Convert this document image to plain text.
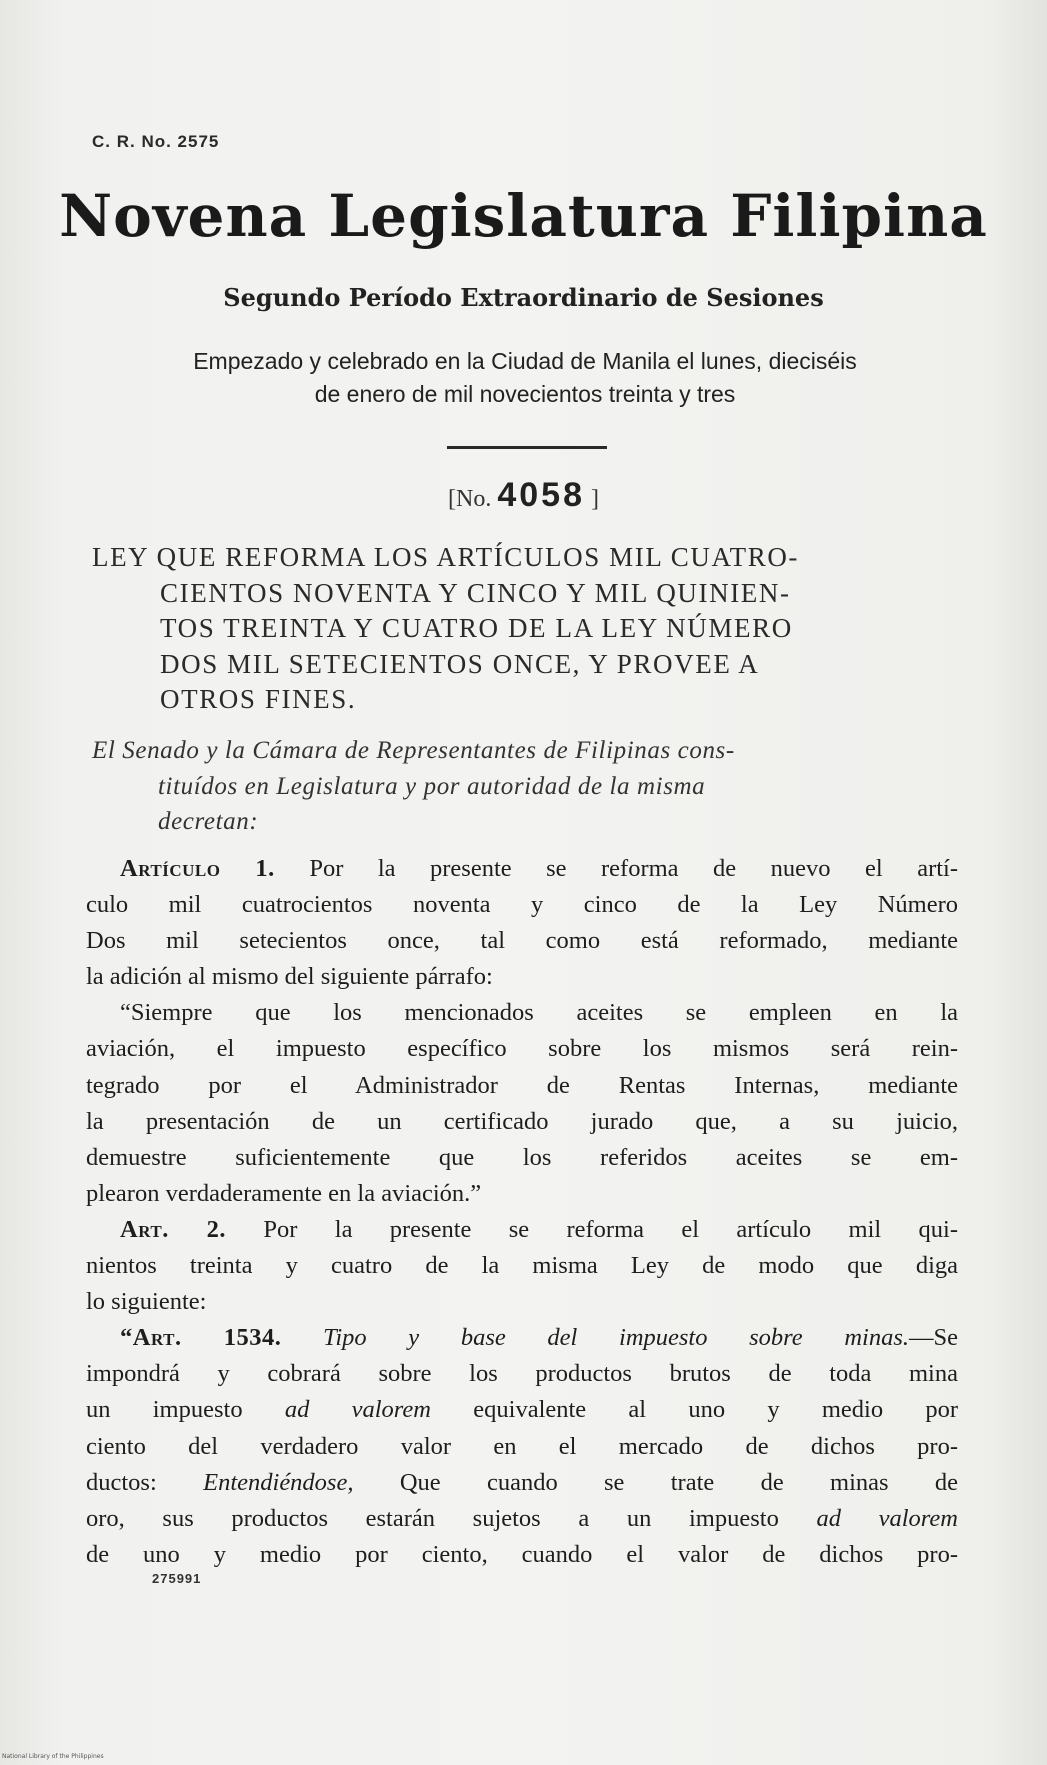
C. R. No. 2575
Novena Legislatura Filipina
Segundo Período Extraordinario de Sesiones
Empezado y celebrado en la Ciudad de Manila el lunes, dieciséis
de enero de mil novecientos treinta y tres
[No. 4058 ]
LEY QUE REFORMA LOS ARTÍCULOS MIL CUATRO-
CIENTOS NOVENTA Y CINCO Y MIL QUINIEN-
TOS TREINTA Y CUATRO DE LA LEY NÚMERO
DOS MIL SETECIENTOS ONCE, Y PROVEE A
OTROS FINES.
El Senado y la Cámara de Representantes de Filipinas cons-
tituídos en Legislatura y por autoridad de la misma
decretan:
Artículo 1. Por la presente se reforma de nuevo el artí-
culo mil cuatrocientos noventa y cinco de la Ley Número
Dos mil setecientos once, tal como está reformado, mediante
la adición al mismo del siguiente párrafo:
“Siempre que los mencionados aceites se empleen en la
aviación, el impuesto específico sobre los mismos será rein-
tegrado por el Administrador de Rentas Internas, mediante
la presentación de un certificado jurado que, a su juicio,
demuestre suficientemente que los referidos aceites se em-
plearon verdaderamente en la aviación.”
Art. 2. Por la presente se reforma el artículo mil qui-
nientos treinta y cuatro de la misma Ley de modo que diga
lo siguiente:
“Art. 1534. Tipo y base del impuesto sobre minas.—Se
impondrá y cobrará sobre los productos brutos de toda mina
un impuesto ad valorem equivalente al uno y medio por
ciento del verdadero valor en el mercado de dichos pro-
ductos: Entendiéndose, Que cuando se trate de minas de
oro, sus productos estarán sujetos a un impuesto ad valorem
de uno y medio por ciento, cuando el valor de dichos pro-
275991
National Library of the Philippines
